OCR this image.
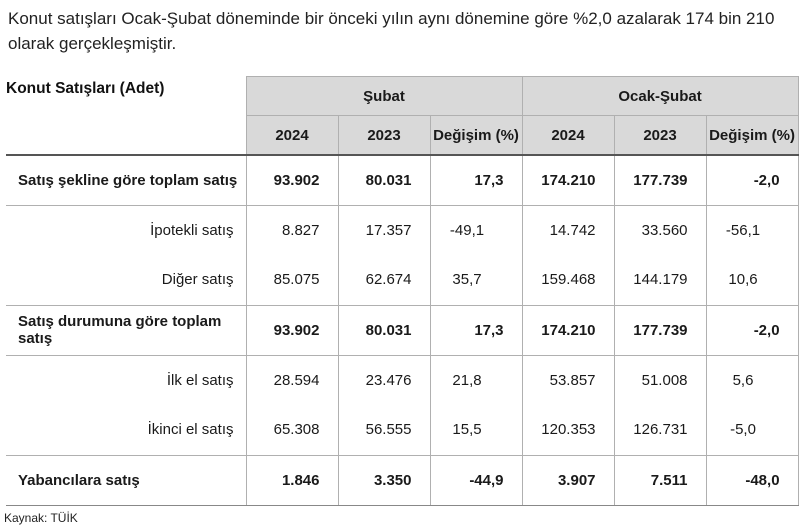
Konut satışları Ocak-Şubat döneminde bir önceki yılın aynı dönemine göre %2,0 azalarak 174 bin 210 olarak gerçekleşmiştir.
Konut Satışları (Adet)
		Şubat			Ocak-Şubat		
	2024	2023	Değişim (%)	2024	2023	Değişim (%)
Satış şekline göre toplam satış	93.902	80.031	17,3	174.210	177.739	-2,0
İpotekli satış	8.827	17.357	-49,1	14.742	33.560	-56,1
Diğer satış	85.075	62.674	35,7	159.468	144.179	10,6
Satış durumuna göre toplam satış	93.902	80.031	17,3	174.210	177.739	-2,0
İlk el satış	28.594	23.476	21,8	53.857	51.008	5,6
İkinci el satış	65.308	56.555	15,5	120.353	126.731	-5,0
Yabancılara satış	1.846	3.350	-44,9	3.907	7.511	-48,0
Kaynak: TÜİK
